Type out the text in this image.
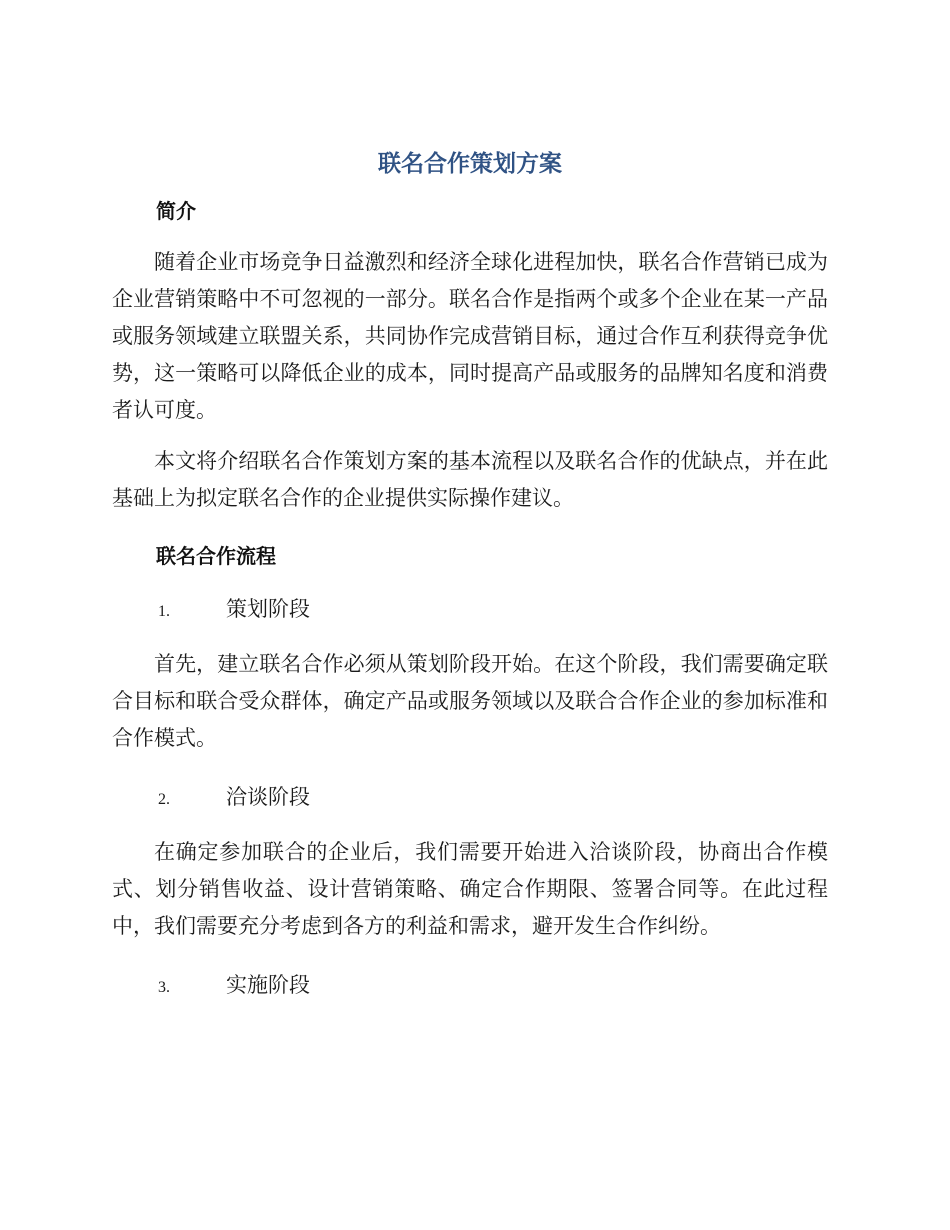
联名合作策划方案
简介

随着企业市场竞争日益激烈和经济全球化进程加快，联名合作营销已成为企业营销策略中不可忽视的一部分。联名合作是指两个或多个企业在某一产品或服务领域建立联盟关系，共同协作完成营销目标，通过合作互利获得竞争优势，这一策略可以降低企业的成本，同时提高产品或服务的品牌知名度和消费者认可度。

本文将介绍联名合作策划方案的基本流程以及联名合作的优缺点，并在此基础上为拟定联名合作的企业提供实际操作建议。

联名合作流程
1.	策划阶段

首先，建立联名合作必须从策划阶段开始。在这个阶段，我们需要确定联合目标和联合受众群体，确定产品或服务领域以及联合合作企业的参加标准和合作模式。

2.	洽谈阶段

在确定参加联合的企业后，我们需要开始进入洽谈阶段，协商出合作模式、划分销售收益、设计营销策略、确定合作期限、签署合同等。在此过程中，我们需要充分考虑到各方的利益和需求，避开发生合作纠纷。

3.	实施阶段
